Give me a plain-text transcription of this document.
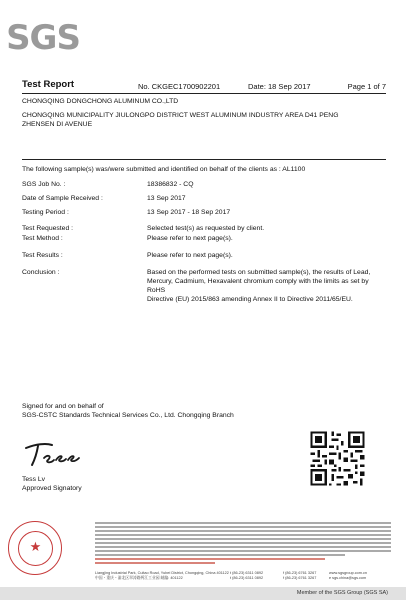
SGS
Test Report	No. CKGEC1700902201	Date: 18 Sep 2017	Page 1 of 7
CHONGQING DONGCHONG ALUMINUM CO.,LTD
CHONGQING MUNICIPALITY JIULONGPO DISTRICT WEST ALUMINUM INDUSTRY AREA D41 PENG
ZHENSEN DI AVENUE
The following sample(s) was/were submitted and identified on behalf of the clients as : AL1100
SGS Job No. :	18386832 - CQ
Date of Sample Received :	13 Sep 2017
Testing Period :	13 Sep 2017 - 18 Sep 2017
Test Requested :	Selected test(s) as requested by client.
Test Method :	Please refer to next page(s).
Test Results :	Please refer to next page(s).
Conclusion :	Based on the performed tests on submitted sample(s), the results of Lead,
Mercury, Cadmium, Hexavalent chromium comply with the limits as set by RoHS
Directive (EU) 2015/863 amending Annex II to Directive 2011/65/EU.
Signed for and on behalf of
SGS-CSTC Standards Technical Services Co., Ltd. Chongqing Branch
Tess Lv
Approved Signatory
★
Liangjing Industrial Park, Cuitao Road, Yubei District, Chongqing, China 401122 t (86-23) 6311 0892	f (86-23) 6761 3267	www.sgsgroup.com.cn
中国・重庆・渝北区翠涛路两江工业园 邮编: 401122	t (86-23) 6311 0892	f (86-23) 6761 3267	e sgs.china@sgs.com
Member of the SGS Group (SGS SA)
